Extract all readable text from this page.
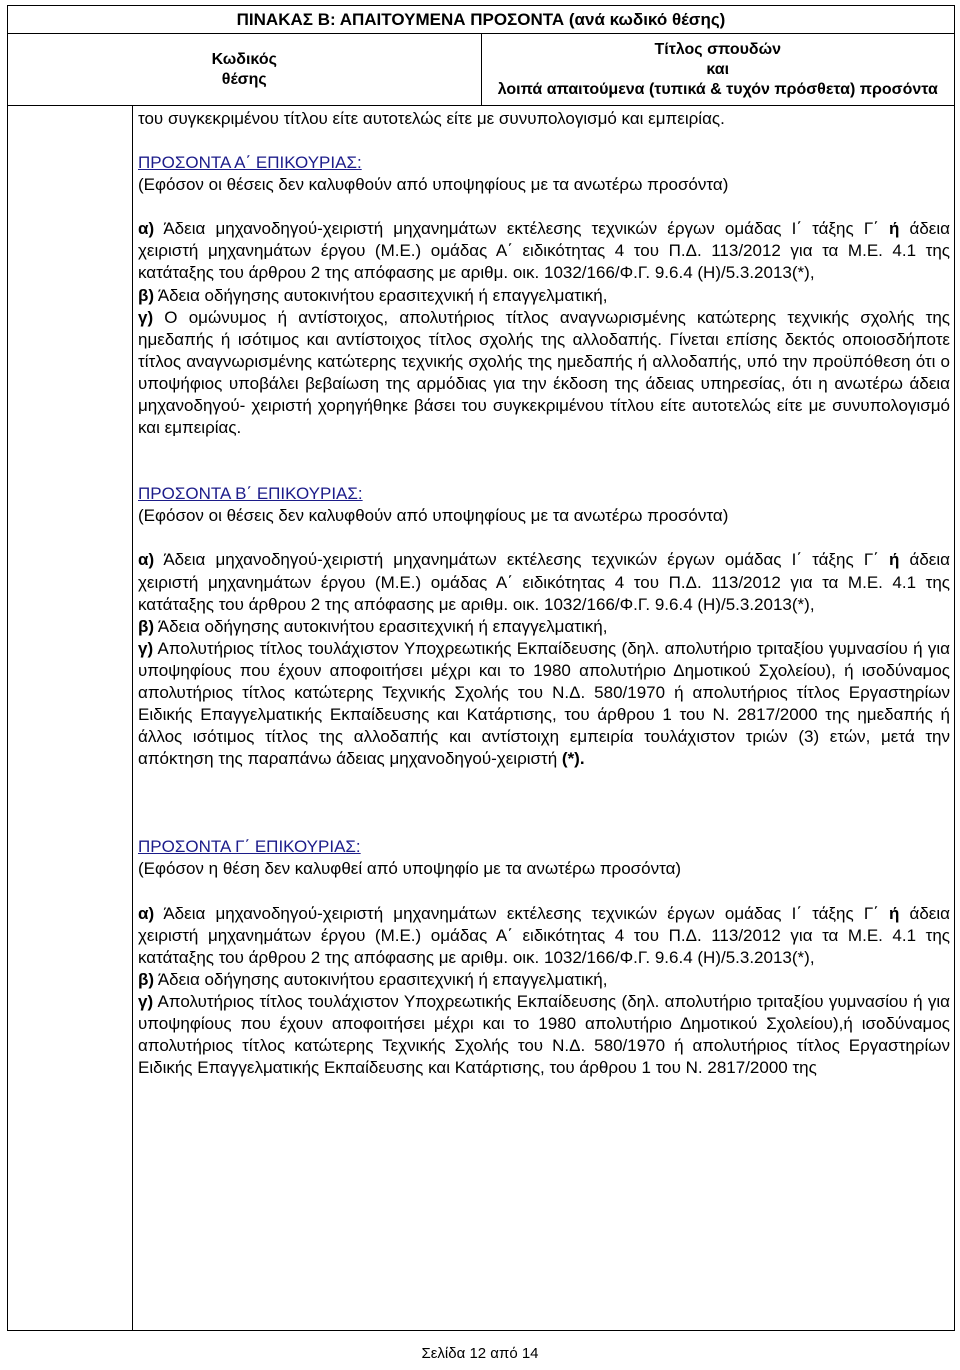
ΠΙΝΑΚΑΣ Β: ΑΠΑΙΤΟΥΜΕΝΑ ΠΡΟΣΟΝΤΑ (ανά κωδικό θέσης)

Κωδικός
θέσης

Τίτλος σπουδών
και
λοιπά απαιτούμενα (τυπικά & τυχόν πρόσθετα) προσόντα

του συγκεκριμένου τίτλου είτε αυτοτελώς είτε με συνυπολογισμό και εμπειρίας.

ΠΡΟΣΟΝΤΑ Α΄ ΕΠΙΚΟΥΡΙΑΣ:

(Εφόσον οι θέσεις δεν καλυφθούν από υποψηφίους με τα ανωτέρω προσόντα)

α) Άδεια μηχανοδηγού-χειριστή μηχανημάτων εκτέλεσης τεχνικών έργων ομάδας Ι΄ τάξης Γ΄ ή άδεια χειριστή μηχανημάτων έργου (Μ.Ε.) ομάδας Α΄ ειδικότητας 4 του Π.Δ. 113/2012 για τα Μ.Ε. 4.1 της κατάταξης του άρθρου 2 της απόφασης με αριθμ. οικ. 1032/166/Φ.Γ. 9.6.4 (Η)/5.3.2013(*),

β) Άδεια οδήγησης αυτοκινήτου ερασιτεχνική ή επαγγελματική,

γ) Ο ομώνυμος ή αντίστοιχος, απολυτήριος τίτλος αναγνωρισμένης κατώτερης τεχνικής σχολής της ημεδαπής ή ισότιμος και αντίστοιχος τίτλος σχολής της αλλοδαπής. Γίνεται επίσης δεκτός οποιοσδήποτε τίτλος αναγνωρισμένης κατώτερης τεχνικής σχολής της ημεδαπής ή αλλοδαπής, υπό την προϋπόθεση ότι ο υποψήφιος υποβάλει βεβαίωση της αρμόδιας για την έκδοση της άδειας υπηρεσίας, ότι η ανωτέρω άδεια μηχανοδηγού- χειριστή χορηγήθηκε βάσει του συγκεκριμένου τίτλου είτε αυτοτελώς είτε με συνυπολογισμό και εμπειρίας.

ΠΡΟΣΟΝΤΑ Β΄ ΕΠΙΚΟΥΡΙΑΣ:

(Εφόσον οι θέσεις δεν καλυφθούν από υποψηφίους με τα ανωτέρω προσόντα)

α) Άδεια μηχανοδηγού-χειριστή μηχανημάτων εκτέλεσης τεχνικών έργων ομάδας Ι΄ τάξης Γ΄ ή άδεια χειριστή μηχανημάτων έργου (Μ.Ε.) ομάδας Α΄ ειδικότητας 4 του Π.Δ. 113/2012 για τα Μ.Ε. 4.1 της κατάταξης του άρθρου 2 της απόφασης με αριθμ. οικ. 1032/166/Φ.Γ. 9.6.4 (Η)/5.3.2013(*),

β) Άδεια οδήγησης αυτοκινήτου ερασιτεχνική ή επαγγελματική,

γ) Απολυτήριος τίτλος τουλάχιστον Υποχρεωτικής Εκπαίδευσης (δηλ. απολυτήριο τριταξίου γυμνασίου ή για υποψηφίους που έχουν αποφοιτήσει μέχρι και το 1980 απολυτήριο Δημοτικού Σχολείου), ή ισοδύναμος απολυτήριος τίτλος κατώτερης Τεχνικής Σχολής του Ν.Δ. 580/1970 ή απολυτήριος τίτλος Εργαστηρίων Ειδικής Επαγγελματικής Εκπαίδευσης και Κατάρτισης, του άρθρου 1 του Ν. 2817/2000 της ημεδαπής ή άλλος ισότιμος τίτλος της αλλοδαπής και αντίστοιχη εμπειρία τουλάχιστον τριών (3) ετών, μετά την απόκτηση της παραπάνω άδειας μηχανοδηγού-χειριστή (*).

ΠΡΟΣΟΝΤΑ Γ΄ ΕΠΙΚΟΥΡΙΑΣ:

(Εφόσον η θέση δεν καλυφθεί από υποψηφίο με τα ανωτέρω προσόντα)

α) Άδεια μηχανοδηγού-χειριστή μηχανημάτων εκτέλεσης τεχνικών έργων ομάδας Ι΄ τάξης Γ΄ ή άδεια χειριστή μηχανημάτων έργου (Μ.Ε.) ομάδας Α΄ ειδικότητας 4 του Π.Δ. 113/2012 για τα Μ.Ε. 4.1 της κατάταξης του άρθρου 2 της απόφασης με αριθμ. οικ. 1032/166/Φ.Γ. 9.6.4 (Η)/5.3.2013(*),

β) Άδεια οδήγησης αυτοκινήτου ερασιτεχνική ή επαγγελματική,

γ) Απολυτήριος τίτλος τουλάχιστον Υποχρεωτικής Εκπαίδευσης (δηλ. απολυτήριο τριταξίου γυμνασίου ή για υποψηφίους που έχουν αποφοιτήσει μέχρι και το 1980 απολυτήριο Δημοτικού Σχολείου),ή ισοδύναμος απολυτήριος τίτλος κατώτερης Τεχνικής Σχολής του Ν.Δ. 580/1970 ή απολυτήριος τίτλος Εργαστηρίων Ειδικής Επαγγελματικής Εκπαίδευσης και Κατάρτισης, του άρθρου 1 του Ν. 2817/2000 της

Σελίδα 12 από 14
